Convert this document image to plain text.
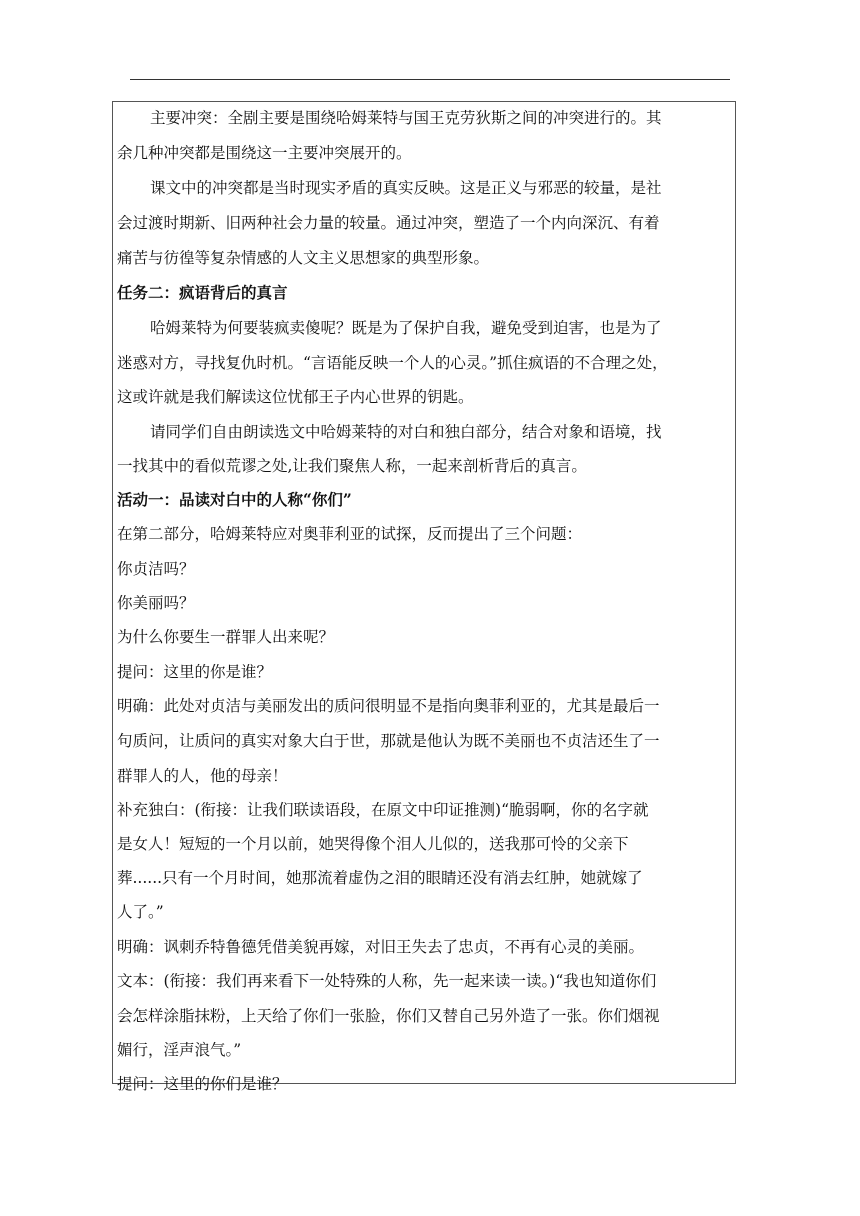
主要冲突：全剧主要是围绕哈姆莱特与国王克劳狄斯之间的冲突进行的。其
余几种冲突都是围绕这一主要冲突展开的。
课文中的冲突都是当时现实矛盾的真实反映。这是正义与邪恶的较量，是社
会过渡时期新、旧两种社会力量的较量。通过冲突，塑造了一个内向深沉、有着
痛苦与彷徨等复杂情感的人文主义思想家的典型形象。
任务二：疯语背后的真言
哈姆莱特为何要装疯卖傻呢？既是为了保护自我，避免受到迫害，也是为了
迷惑对方，寻找复仇时机。“言语能反映一个人的心灵。”抓住疯语的不合理之处，
这或许就是我们解读这位忧郁王子内心世界的钥匙。
请同学们自由朗读选文中哈姆莱特的对白和独白部分，结合对象和语境，找
一找其中的看似荒谬之处,让我们聚焦人称，一起来剖析背后的真言。
活动一：品读对白中的人称“你们”
在第二部分，哈姆莱特应对奥菲利亚的试探，反而提出了三个问题：
你贞洁吗？
你美丽吗？
为什么你要生一群罪人出来呢？
提问：这里的你是谁？
明确：此处对贞洁与美丽发出的质问很明显不是指向奥菲利亚的，尤其是最后一
句质问，让质问的真实对象大白于世，那就是他认为既不美丽也不贞洁还生了一
群罪人的人，他的母亲！
补充独白：(衔接：让我们联读语段，在原文中印证推测)“脆弱啊，你的名字就
是女人！短短的一个月以前，她哭得像个泪人儿似的，送我那可怜的父亲下
葬......只有一个月时间，她那流着虚伪之泪的眼睛还没有消去红肿，她就嫁了
人了。”
明确：讽刺乔特鲁德凭借美貌再嫁，对旧王失去了忠贞，不再有心灵的美丽。
文本：(衔接：我们再来看下一处特殊的人称，先一起来读一读。)“我也知道你们
会怎样涂脂抹粉，上天给了你们一张脸，你们又替自己另外造了一张。你们烟视
媚行，淫声浪气。”
提问：这里的你们是谁？
